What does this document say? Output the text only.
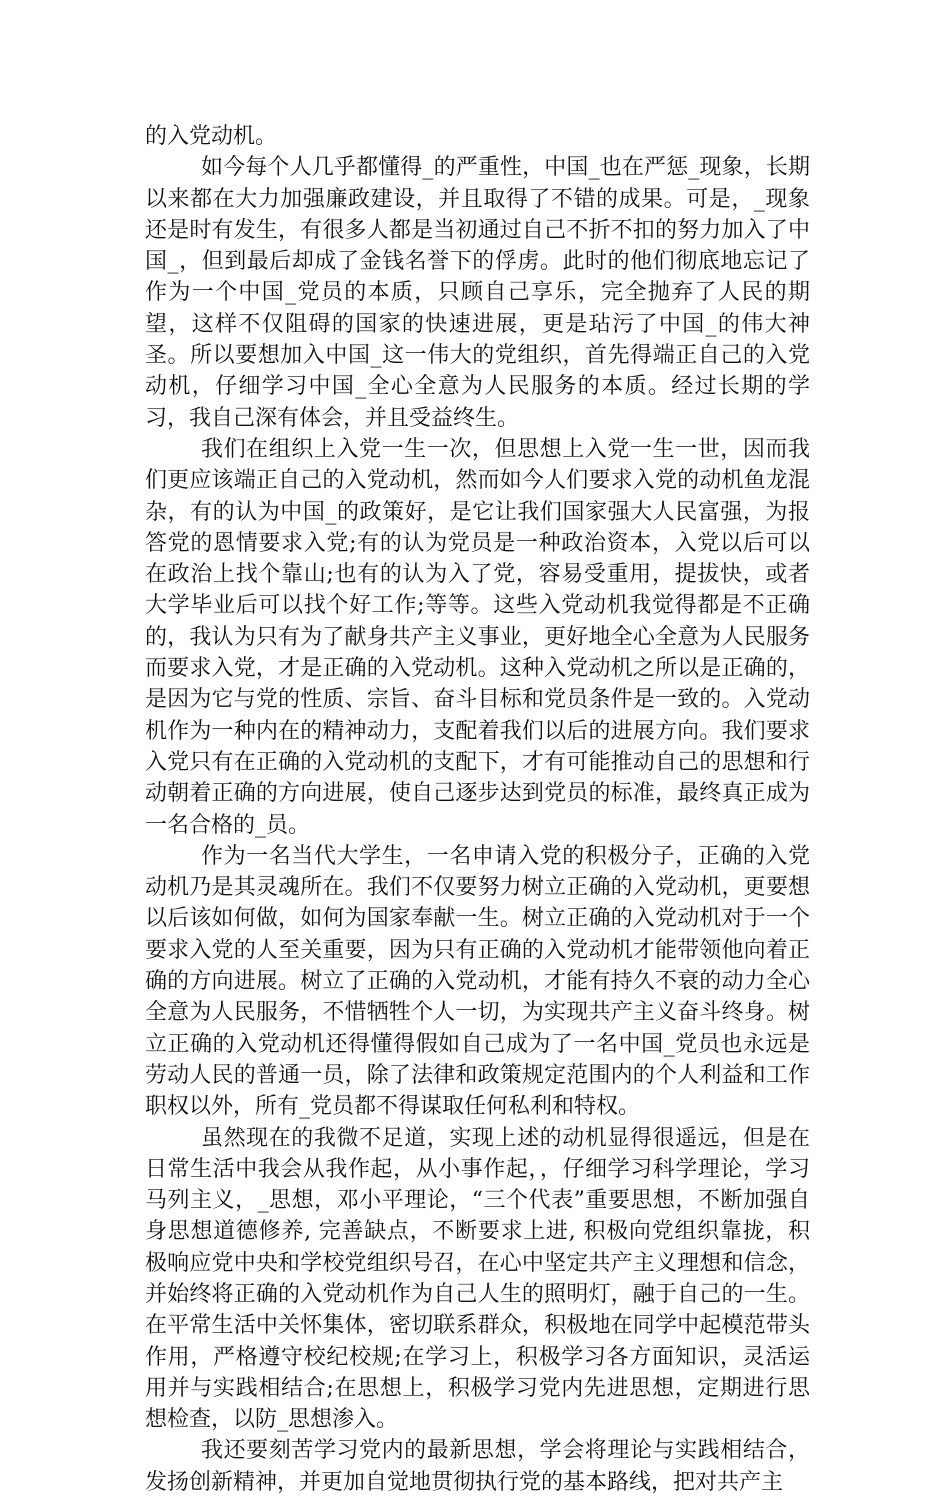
的入党动机。

如今每个人几乎都懂得_的严重性，中国_也在严惩_现象，长期以来都在大力加强廉政建设，并且取得了不错的成果。可是，_现象还是时有发生，有很多人都是当初通过自己不折不扣的努力加入了中国_，但到最后却成了金钱名誉下的俘虏。此时的他们彻底地忘记了作为一个中国_党员的本质，只顾自己享乐，完全抛弃了人民的期望，这样不仅阻碍的国家的快速进展，更是玷污了中国_的伟大神圣。所以要想加入中国_这一伟大的党组织，首先得端正自己的入党动机，仔细学习中国_全心全意为人民服务的本质。经过长期的学习，我自己深有体会，并且受益终生。

我们在组织上入党一生一次，但思想上入党一生一世，因而我们更应该端正自己的入党动机，然而如今人们要求入党的动机鱼龙混杂，有的认为中国_的政策好，是它让我们国家强大人民富强，为报答党的恩情要求入党;有的认为党员是一种政治资本，入党以后可以在政治上找个靠山;也有的认为入了党，容易受重用，提拔快，或者大学毕业后可以找个好工作;等等。这些入党动机我觉得都是不正确的，我认为只有为了献身共产主义事业，更好地全心全意为人民服务而要求入党，才是正确的入党动机。这种入党动机之所以是正确的，是因为它与党的性质、宗旨、奋斗目标和党员条件是一致的。入党动机作为一种内在的精神动力，支配着我们以后的进展方向。我们要求入党只有在正确的入党动机的支配下，才有可能推动自己的思想和行动朝着正确的方向进展，使自己逐步达到党员的标准，最终真正成为一名合格的_员。

作为一名当代大学生，一名申请入党的积极分子，正确的入党动机乃是其灵魂所在。我们不仅要努力树立正确的入党动机，更要想以后该如何做，如何为国家奉献一生。树立正确的入党动机对于一个要求入党的人至关重要，因为只有正确的入党动机才能带领他向着正确的方向进展。树立了正确的入党动机，才能有持久不衰的动力全心全意为人民服务，不惜牺牲个人一切，为实现共产主义奋斗终身。树立正确的入党动机还得懂得假如自己成为了一名中国_党员也永远是劳动人民的普通一员，除了法律和政策规定范围内的个人利益和工作职权以外，所有_党员都不得谋取任何私利和特权。

虽然现在的我微不足道，实现上述的动机显得很遥远，但是在日常生活中我会从我作起，从小事作起，，仔细学习科学理论，学习马列主义，_思想，邓小平理论，“三个代表”重要思想，不断加强自身思想道德修养, 完善缺点，不断要求上进, 积极向党组织靠拢，积极响应党中央和学校党组织号召，在心中坚定共产主义理想和信念，并始终将正确的入党动机作为自己人生的照明灯，融于自己的一生。在平常生活中关怀集体，密切联系群众，积极地在同学中起模范带头作用，严格遵守校纪校规;在学习上，积极学习各方面知识，灵活运用并与实践相结合;在思想上，积极学习党内先进思想，定期进行思想检查，以防_思想渗入。

我还要刻苦学习党内的最新思想，学会将理论与实践相结合，发扬创新精神，并更加自觉地贯彻执行党的基本路线，把对共产主
